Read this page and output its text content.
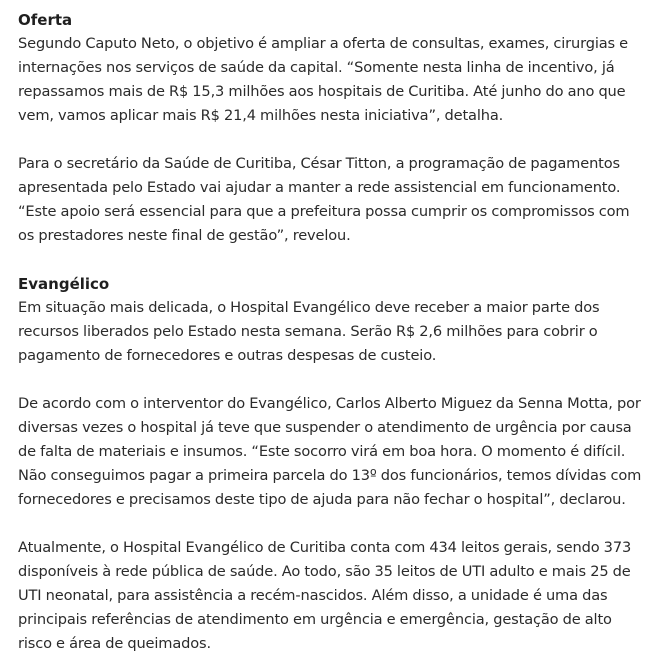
Oferta

Segundo Caputo Neto, o objetivo é ampliar a oferta de consultas, exames, cirurgias e internações nos serviços de saúde da capital. “Somente nesta linha de incentivo, já repassamos mais de R$ 15,3 milhões aos hospitais de Curitiba. Até junho do ano que vem, vamos aplicar mais R$ 21,4 milhões nesta iniciativa”, detalha.

Para o secretário da Saúde de Curitiba, César Titton, a programação de pagamentos apresentada pelo Estado vai ajudar a manter a rede assistencial em funcionamento. “Este apoio será essencial para que a prefeitura possa cumprir os compromissos com os prestadores neste final de gestão”, revelou.

Evangélico

Em situação mais delicada, o Hospital Evangélico deve receber a maior parte dos recursos liberados pelo Estado nesta semana. Serão R$ 2,6 milhões para cobrir o pagamento de fornecedores e outras despesas de custeio.

De acordo com o interventor do Evangélico, Carlos Alberto Miguez da Senna Motta, por diversas vezes o hospital já teve que suspender o atendimento de urgência por causa de falta de materiais e insumos. “Este socorro virá em boa hora. O momento é difícil. Não conseguimos pagar a primeira parcela do 13º dos funcionários, temos dívidas com fornecedores e precisamos deste tipo de ajuda para não fechar o hospital”, declarou.

Atualmente, o Hospital Evangélico de Curitiba conta com 434 leitos gerais, sendo 373 disponíveis à rede pública de saúde. Ao todo, são 35 leitos de UTI adulto e mais 25 de UTI neonatal, para assistência a recém-nascidos. Além disso, a unidade é uma das principais referências de atendimento em urgência e emergência, gestação de alto risco e área de queimados.
